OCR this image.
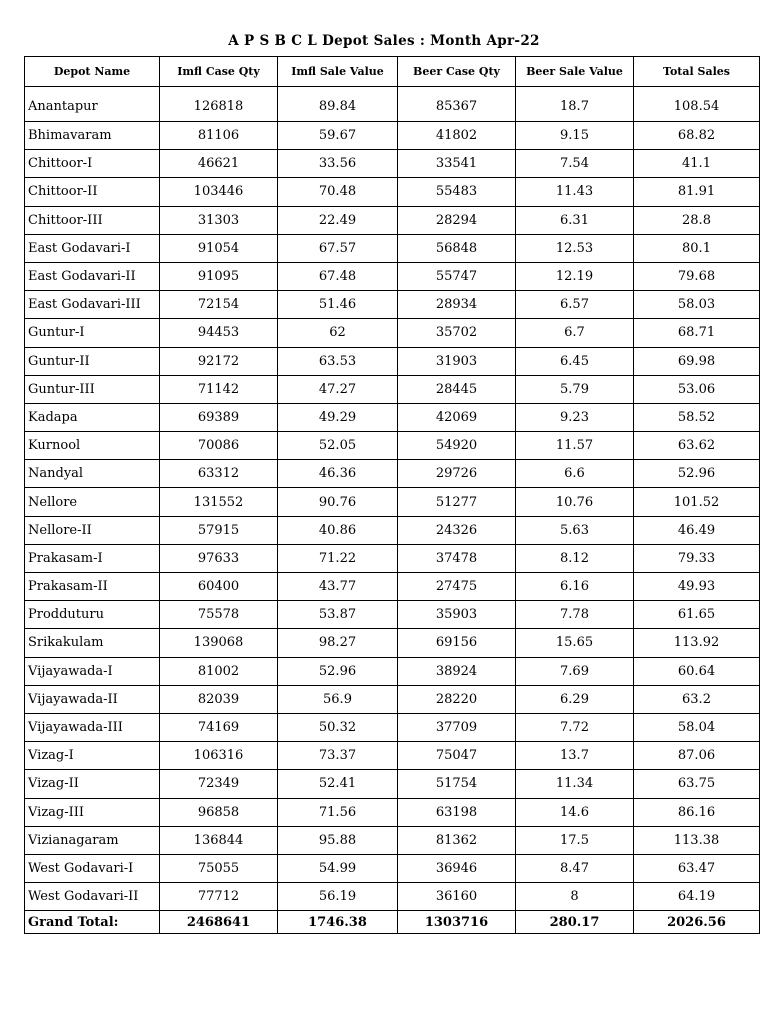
A P S B C L Depot Sales : Month Apr-22
Depot Name	Imfl Case Qty	Imfl Sale Value	Beer Case Qty	Beer Sale Value	Total Sales
Anantapur	126818	89.84	85367	18.7	108.54
Bhimavaram	81106	59.67	41802	9.15	68.82
Chittoor-I	46621	33.56	33541	7.54	41.1
Chittoor-II	103446	70.48	55483	11.43	81.91
Chittoor-III	31303	22.49	28294	6.31	28.8
East Godavari-I	91054	67.57	56848	12.53	80.1
East Godavari-II	91095	67.48	55747	12.19	79.68
East Godavari-III	72154	51.46	28934	6.57	58.03
Guntur-I	94453	62	35702	6.7	68.71
Guntur-II	92172	63.53	31903	6.45	69.98
Guntur-III	71142	47.27	28445	5.79	53.06
Kadapa	69389	49.29	42069	9.23	58.52
Kurnool	70086	52.05	54920	11.57	63.62
Nandyal	63312	46.36	29726	6.6	52.96
Nellore	131552	90.76	51277	10.76	101.52
Nellore-II	57915	40.86	24326	5.63	46.49
Prakasam-I	97633	71.22	37478	8.12	79.33
Prakasam-II	60400	43.77	27475	6.16	49.93
Prodduturu	75578	53.87	35903	7.78	61.65
Srikakulam	139068	98.27	69156	15.65	113.92
Vijayawada-I	81002	52.96	38924	7.69	60.64
Vijayawada-II	82039	56.9	28220	6.29	63.2
Vijayawada-III	74169	50.32	37709	7.72	58.04
Vizag-I	106316	73.37	75047	13.7	87.06
Vizag-II	72349	52.41	51754	11.34	63.75
Vizag-III	96858	71.56	63198	14.6	86.16
Vizianagaram	136844	95.88	81362	17.5	113.38
West Godavari-I	75055	54.99	36946	8.47	63.47
West Godavari-II	77712	56.19	36160	8	64.19
Grand Total:	2468641	1746.38	1303716	280.17	2026.56
